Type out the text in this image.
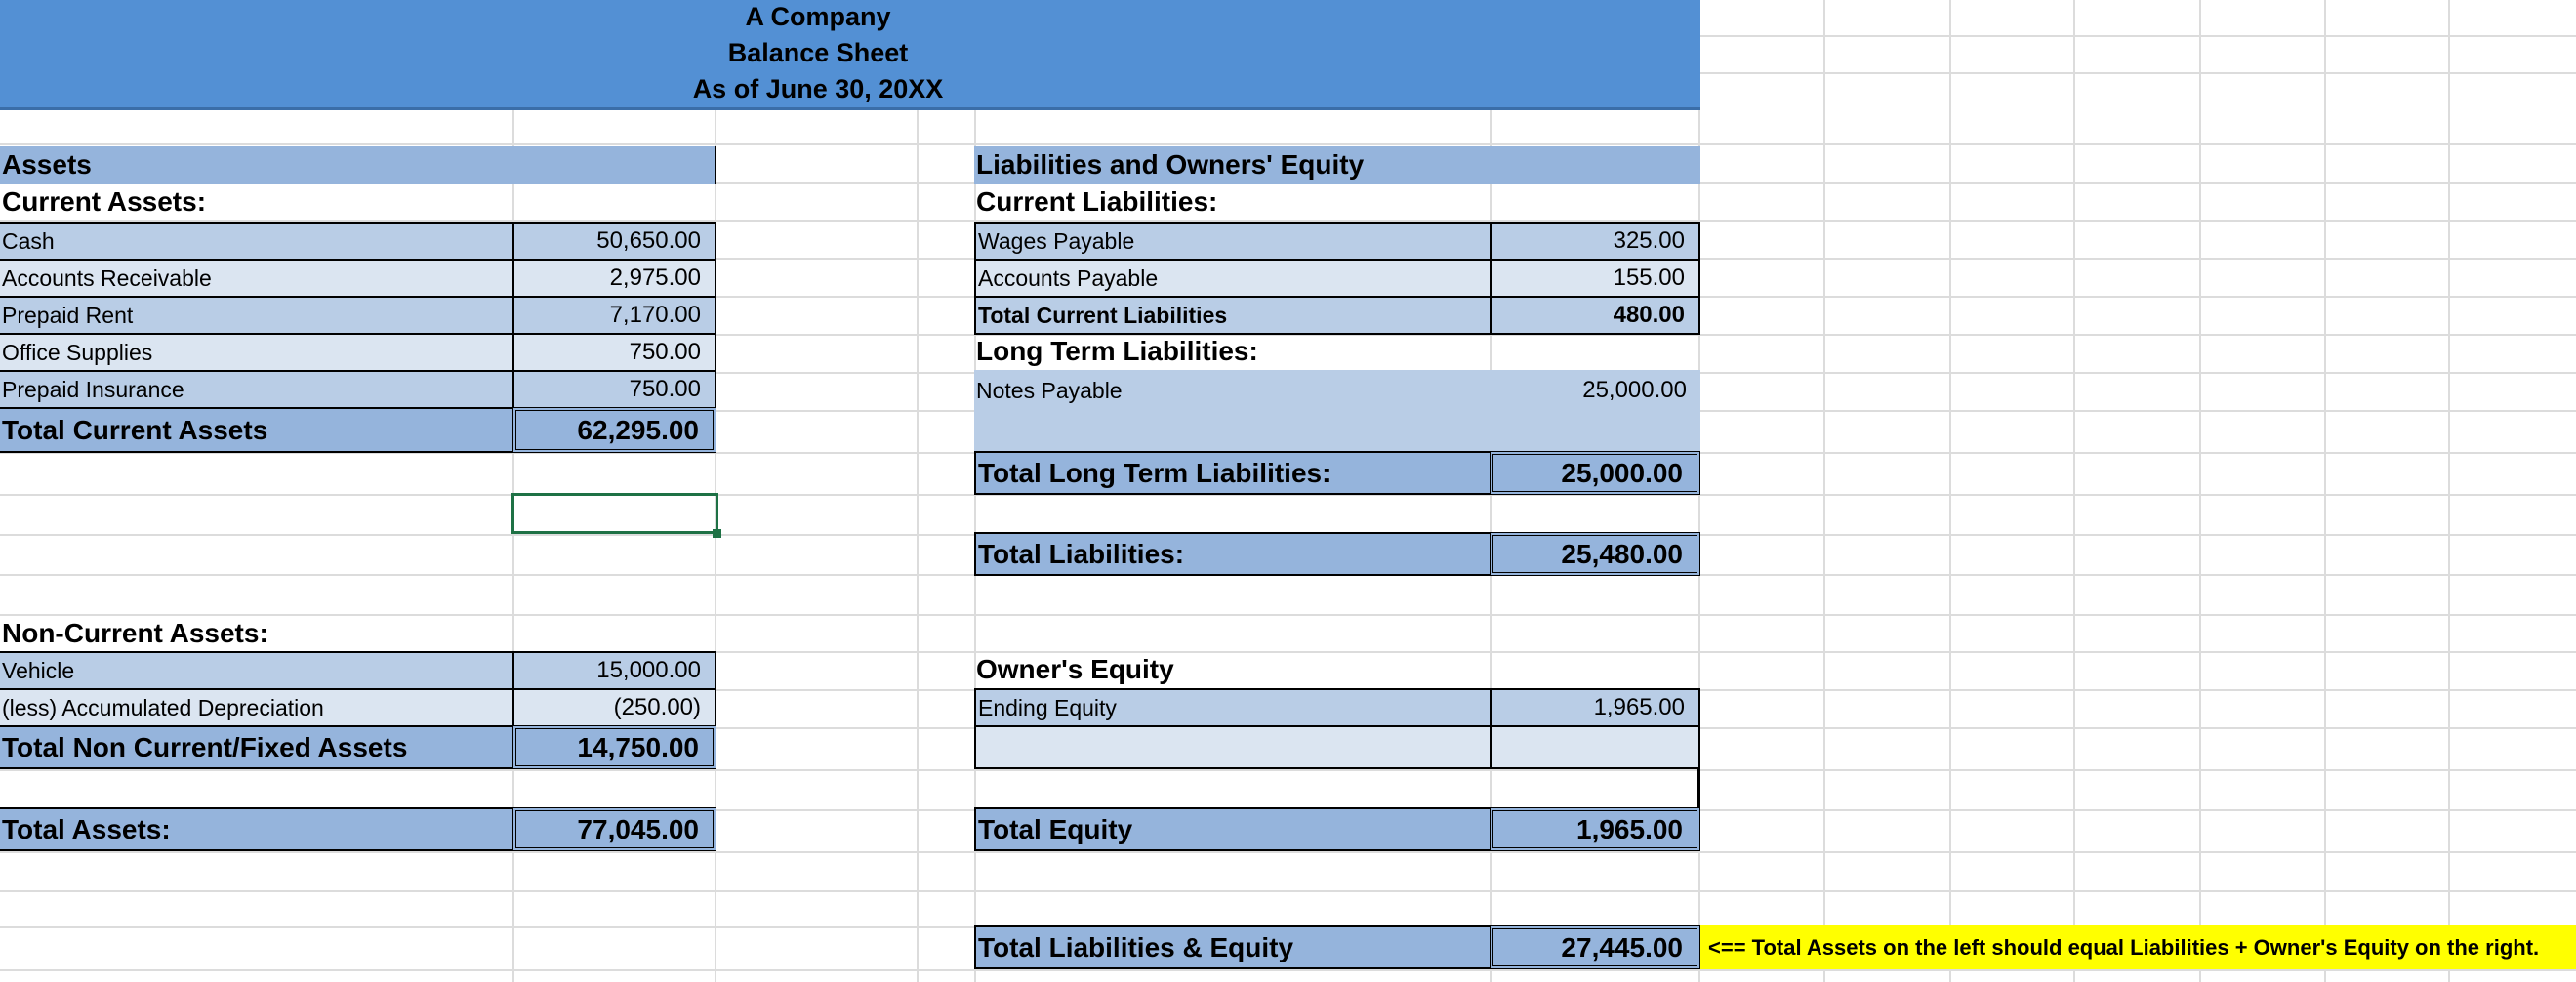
A Company
Balance Sheet
As of June 30, 20XX
Assets
Current Assets:
Cash	50,650.00
Accounts Receivable	2,975.00
Prepaid Rent	7,170.00
Office Supplies	750.00
Prepaid Insurance	750.00
Total Current Assets	62,295.00
Non-Current Assets:
Vehicle	15,000.00
(less) Accumulated Depreciation	(250.00)
Total Non Current/Fixed Assets	14,750.00
Total Assets:	77,045.00
Liabilities and Owners' Equity
Current Liabilities:
Wages Payable	325.00
Accounts Payable	155.00
Total Current Liabilities	480.00
Long Term Liabilities:
Notes Payable	25,000.00
Total Long Term Liabilities:	25,000.00
Total Liabilities:	25,480.00
Owner's Equity
Ending Equity	1,965.00
Total Equity	1,965.00
Total Liabilities & Equity	27,445.00	<== Total Assets on the left should equal Liabilities + Owner's Equity on the right.
